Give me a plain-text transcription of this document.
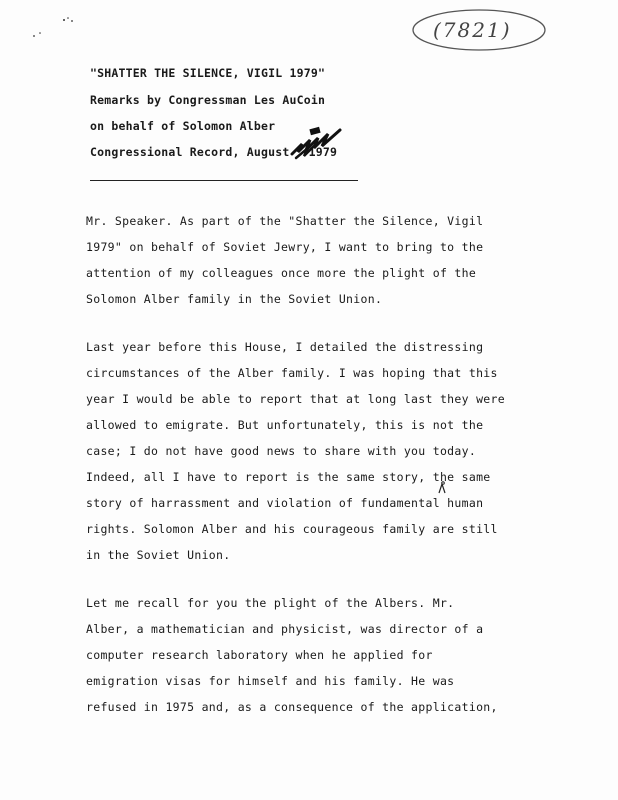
(7821)
"SHATTER THE SILENCE, VIGIL 1979"
Remarks by Congressman Les AuCoin
on behalf of Solomon Alber
Congressional Record, August 1979
Mr. Speaker. As part of the "Shatter the Silence, Vigil
1979" on behalf of Soviet Jewry, I want to bring to the
attention of my colleagues once more the plight of the
Solomon Alber family in the Soviet Union.
Last year before this House, I detailed the distressing
circumstances of the Alber family. I was hoping that this
year I would be able to report that at long last they were
allowed to emigrate. But unfortunately, this is not the
case; I do not have good news to share with you today.
Indeed, all I have to report is the same story, the same
story of harrassment and violation of fundamental human
rights. Solomon Alber and his courageous family are still
in the Soviet Union.
Let me recall for you the plight of the Albers. Mr.
Alber, a mathematician and physicist, was director of a
computer research laboratory when he applied for
emigration visas for himself and his family. He was
refused in 1975 and, as a consequence of the application,
